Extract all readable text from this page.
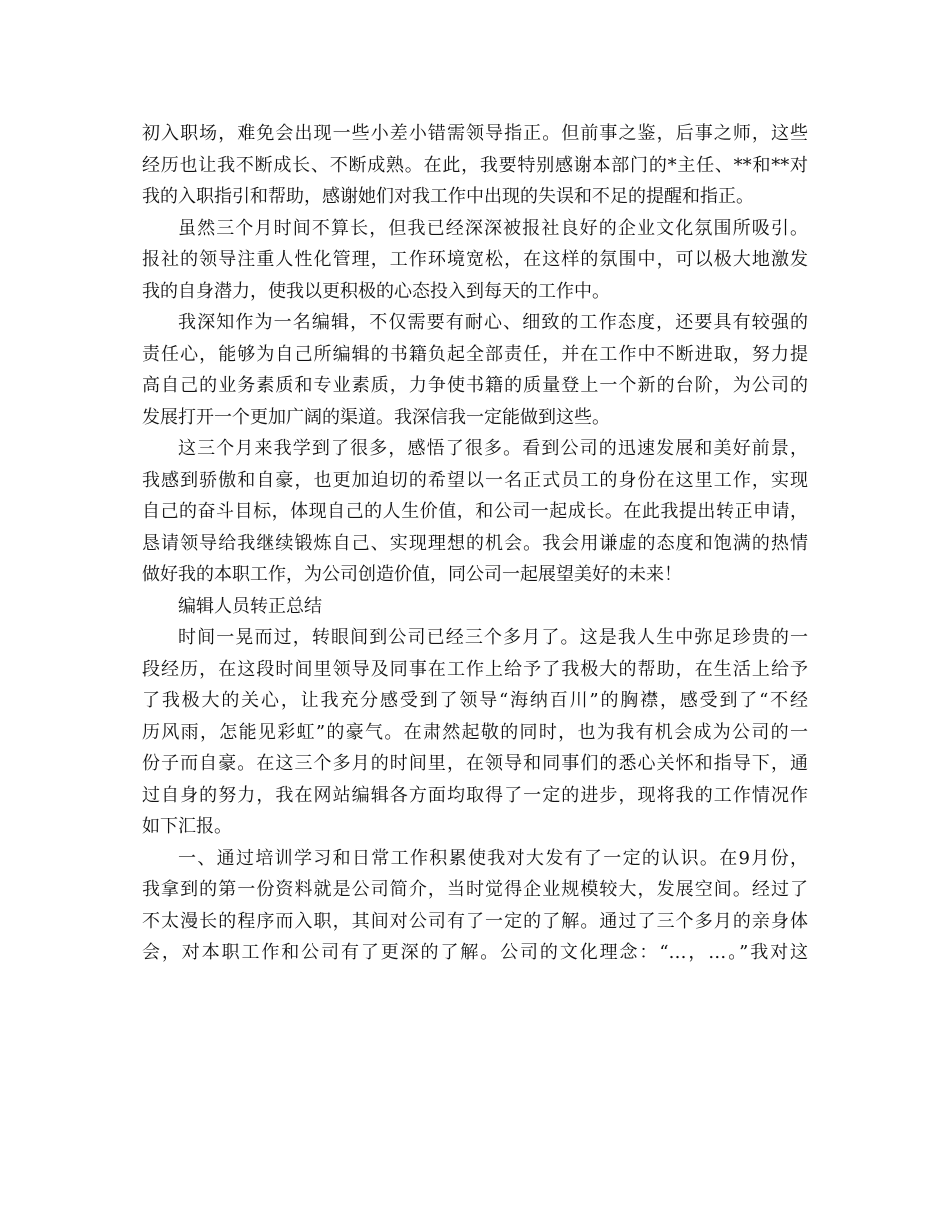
初入职场，难免会出现一些小差小错需领导指正。但前事之鉴，后事之师，这些
经历也让我不断成长、不断成熟。在此，我要特别感谢本部门的*主任、**和**对
我的入职指引和帮助，感谢她们对我工作中出现的失误和不足的提醒和指正。
虽然三个月时间不算长，但我已经深深被报社良好的企业文化氛围所吸引。
报社的领导注重人性化管理，工作环境宽松，在这样的氛围中，可以极大地激发
我的自身潜力，使我以更积极的心态投入到每天的工作中。
我深知作为一名编辑，不仅需要有耐心、细致的工作态度，还要具有较强的
责任心，能够为自己所编辑的书籍负起全部责任，并在工作中不断进取，努力提
高自己的业务素质和专业素质，力争使书籍的质量登上一个新的台阶，为公司的
发展打开一个更加广阔的渠道。我深信我一定能做到这些。
这三个月来我学到了很多，感悟了很多。看到公司的迅速发展和美好前景，
我感到骄傲和自豪，也更加迫切的希望以一名正式员工的身份在这里工作，实现
自己的奋斗目标，体现自己的人生价值，和公司一起成长。在此我提出转正申请，
恳请领导给我继续锻炼自己、实现理想的机会。我会用谦虚的态度和饱满的热情
做好我的本职工作，为公司创造价值，同公司一起展望美好的未来！
编辑人员转正总结
时间一晃而过，转眼间到公司已经三个多月了。这是我人生中弥足珍贵的一
段经历，在这段时间里领导及同事在工作上给予了我极大的帮助，在生活上给予
了我极大的关心，让我充分感受到了领导“海纳百川”的胸襟，感受到了“不经
历风雨，怎能见彩虹”的豪气。在肃然起敬的同时，也为我有机会成为公司的一
份子而自豪。在这三个多月的时间里，在领导和同事们的悉心关怀和指导下，通
过自身的努力，我在网站编辑各方面均取得了一定的进步，现将我的工作情况作
如下汇报。
一、通过培训学习和日常工作积累使我对大发有了一定的认识。在9月份，
我拿到的第一份资料就是公司简介，当时觉得企业规模较大，发展空间。经过了
不太漫长的程序而入职，其间对公司有了一定的了解。通过了三个多月的亲身体
会，对本职工作和公司有了更深的了解。公司的文化理念：“…，…。”我对这
